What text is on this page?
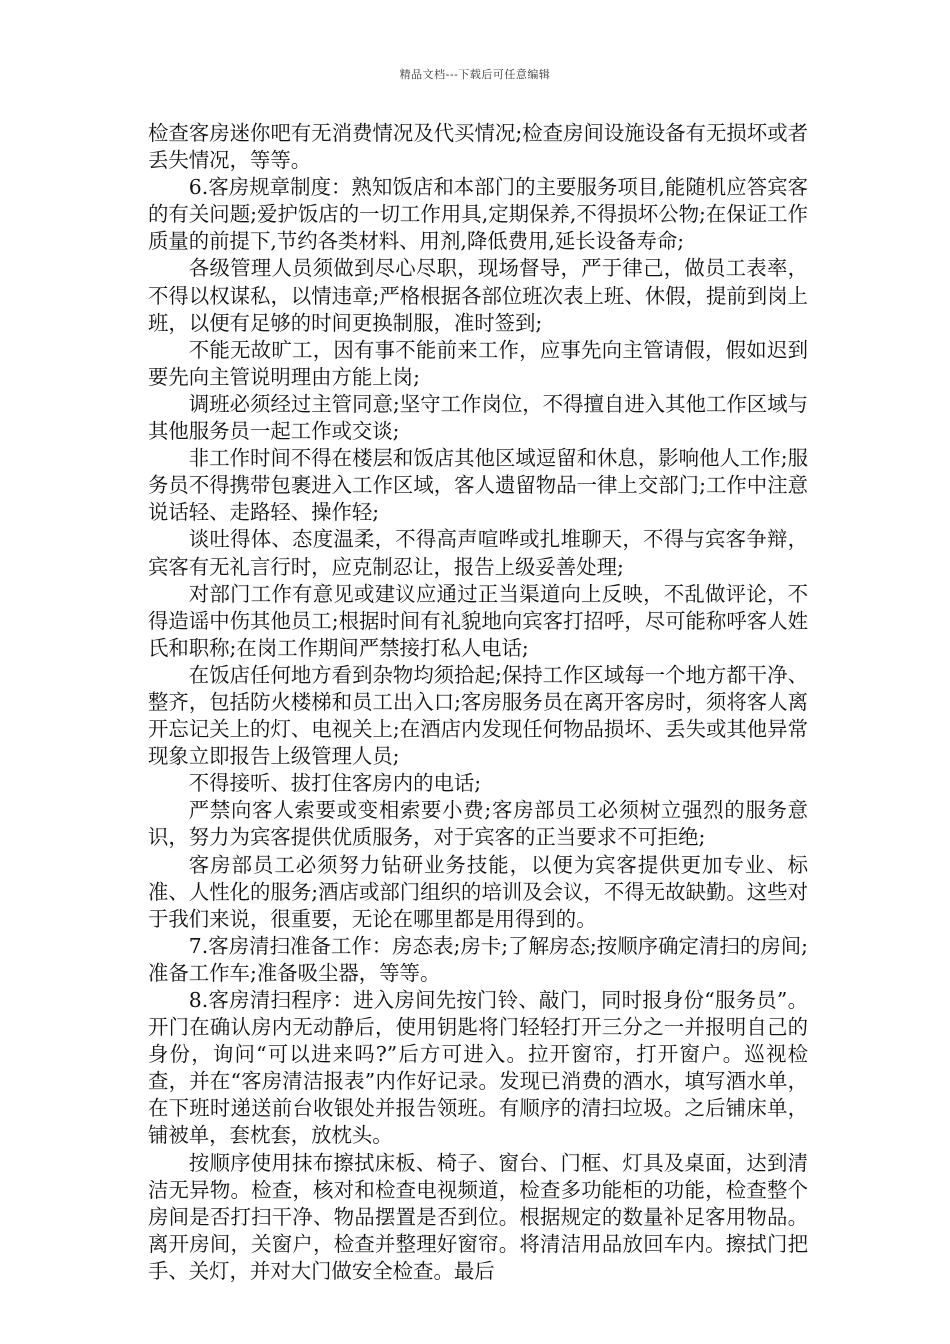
精品文档---下载后可任意编辑

检查客房迷你吧有无消费情况及代买情况;检查房间设施设备有无损坏或者丢失情况，等等。

6.客房规章制度：熟知饭店和本部门的主要服务项目,能随机应答宾客的有关问题;爱护饭店的一切工作用具,定期保养,不得损坏公物;在保证工作质量的前提下,节约各类材料、用剂,降低费用,延长设备寿命;

各级管理人员须做到尽心尽职，现场督导，严于律己，做员工表率，不得以权谋私，以情违章;严格根据各部位班次表上班、休假，提前到岗上班，以便有足够的时间更换制服，准时签到;

不能无故旷工，因有事不能前来工作，应事先向主管请假，假如迟到要先向主管说明理由方能上岗;

调班必须经过主管同意;坚守工作岗位，不得擅自进入其他工作区域与其他服务员一起工作或交谈;

非工作时间不得在楼层和饭店其他区域逗留和休息，影响他人工作;服务员不得携带包裹进入工作区域，客人遗留物品一律上交部门;工作中注意说话轻、走路轻、操作轻;

谈吐得体、态度温柔，不得高声喧哗或扎堆聊天，不得与宾客争辩，宾客有无礼言行时，应克制忍让，报告上级妥善处理;

对部门工作有意见或建议应通过正当渠道向上反映，不乱做评论，不得造谣中伤其他员工;根据时间有礼貌地向宾客打招呼，尽可能称呼客人姓氏和职称;在岗工作期间严禁接打私人电话;

在饭店任何地方看到杂物均须拾起;保持工作区域每一个地方都干净、整齐，包括防火楼梯和员工出入口;客房服务员在离开客房时，须将客人离开忘记关上的灯、电视关上;在酒店内发现任何物品损坏、丢失或其他异常现象立即报告上级管理人员;

不得接听、拔打住客房内的电话;

严禁向客人索要或变相索要小费;客房部员工必须树立强烈的服务意识，努力为宾客提供优质服务，对于宾客的正当要求不可拒绝;

客房部员工必须努力钻研业务技能，以便为宾客提供更加专业、标准、人性化的服务;酒店或部门组织的培训及会议，不得无故缺勤。这些对于我们来说，很重要，无论在哪里都是用得到的。

7.客房清扫准备工作：房态表;房卡;了解房态;按顺序确定清扫的房间;准备工作车;准备吸尘器，等等。

8.客房清扫程序：进入房间先按门铃、敲门，同时报身份“服务员”。开门在确认房内无动静后，使用钥匙将门轻轻打开三分之一并报明自己的身份，询问“可以进来吗?”后方可进入。拉开窗帘，打开窗户。巡视检查，并在“客房清洁报表”内作好记录。发现已消费的酒水，填写酒水单，在下班时递送前台收银处并报告领班。有顺序的清扫垃圾。之后铺床单，铺被单，套枕套，放枕头。

按顺序使用抹布擦拭床板、椅子、窗台、门框、灯具及桌面，达到清洁无异物。检查，核对和检查电视频道，检查多功能柜的功能，检查整个房间是否打扫干净、物品摆置是否到位。根据规定的数量补足客用物品。离开房间，关窗户，检查并整理好窗帘。将清洁用品放回车内。擦拭门把手、关灯，并对大门做安全检查。最后
